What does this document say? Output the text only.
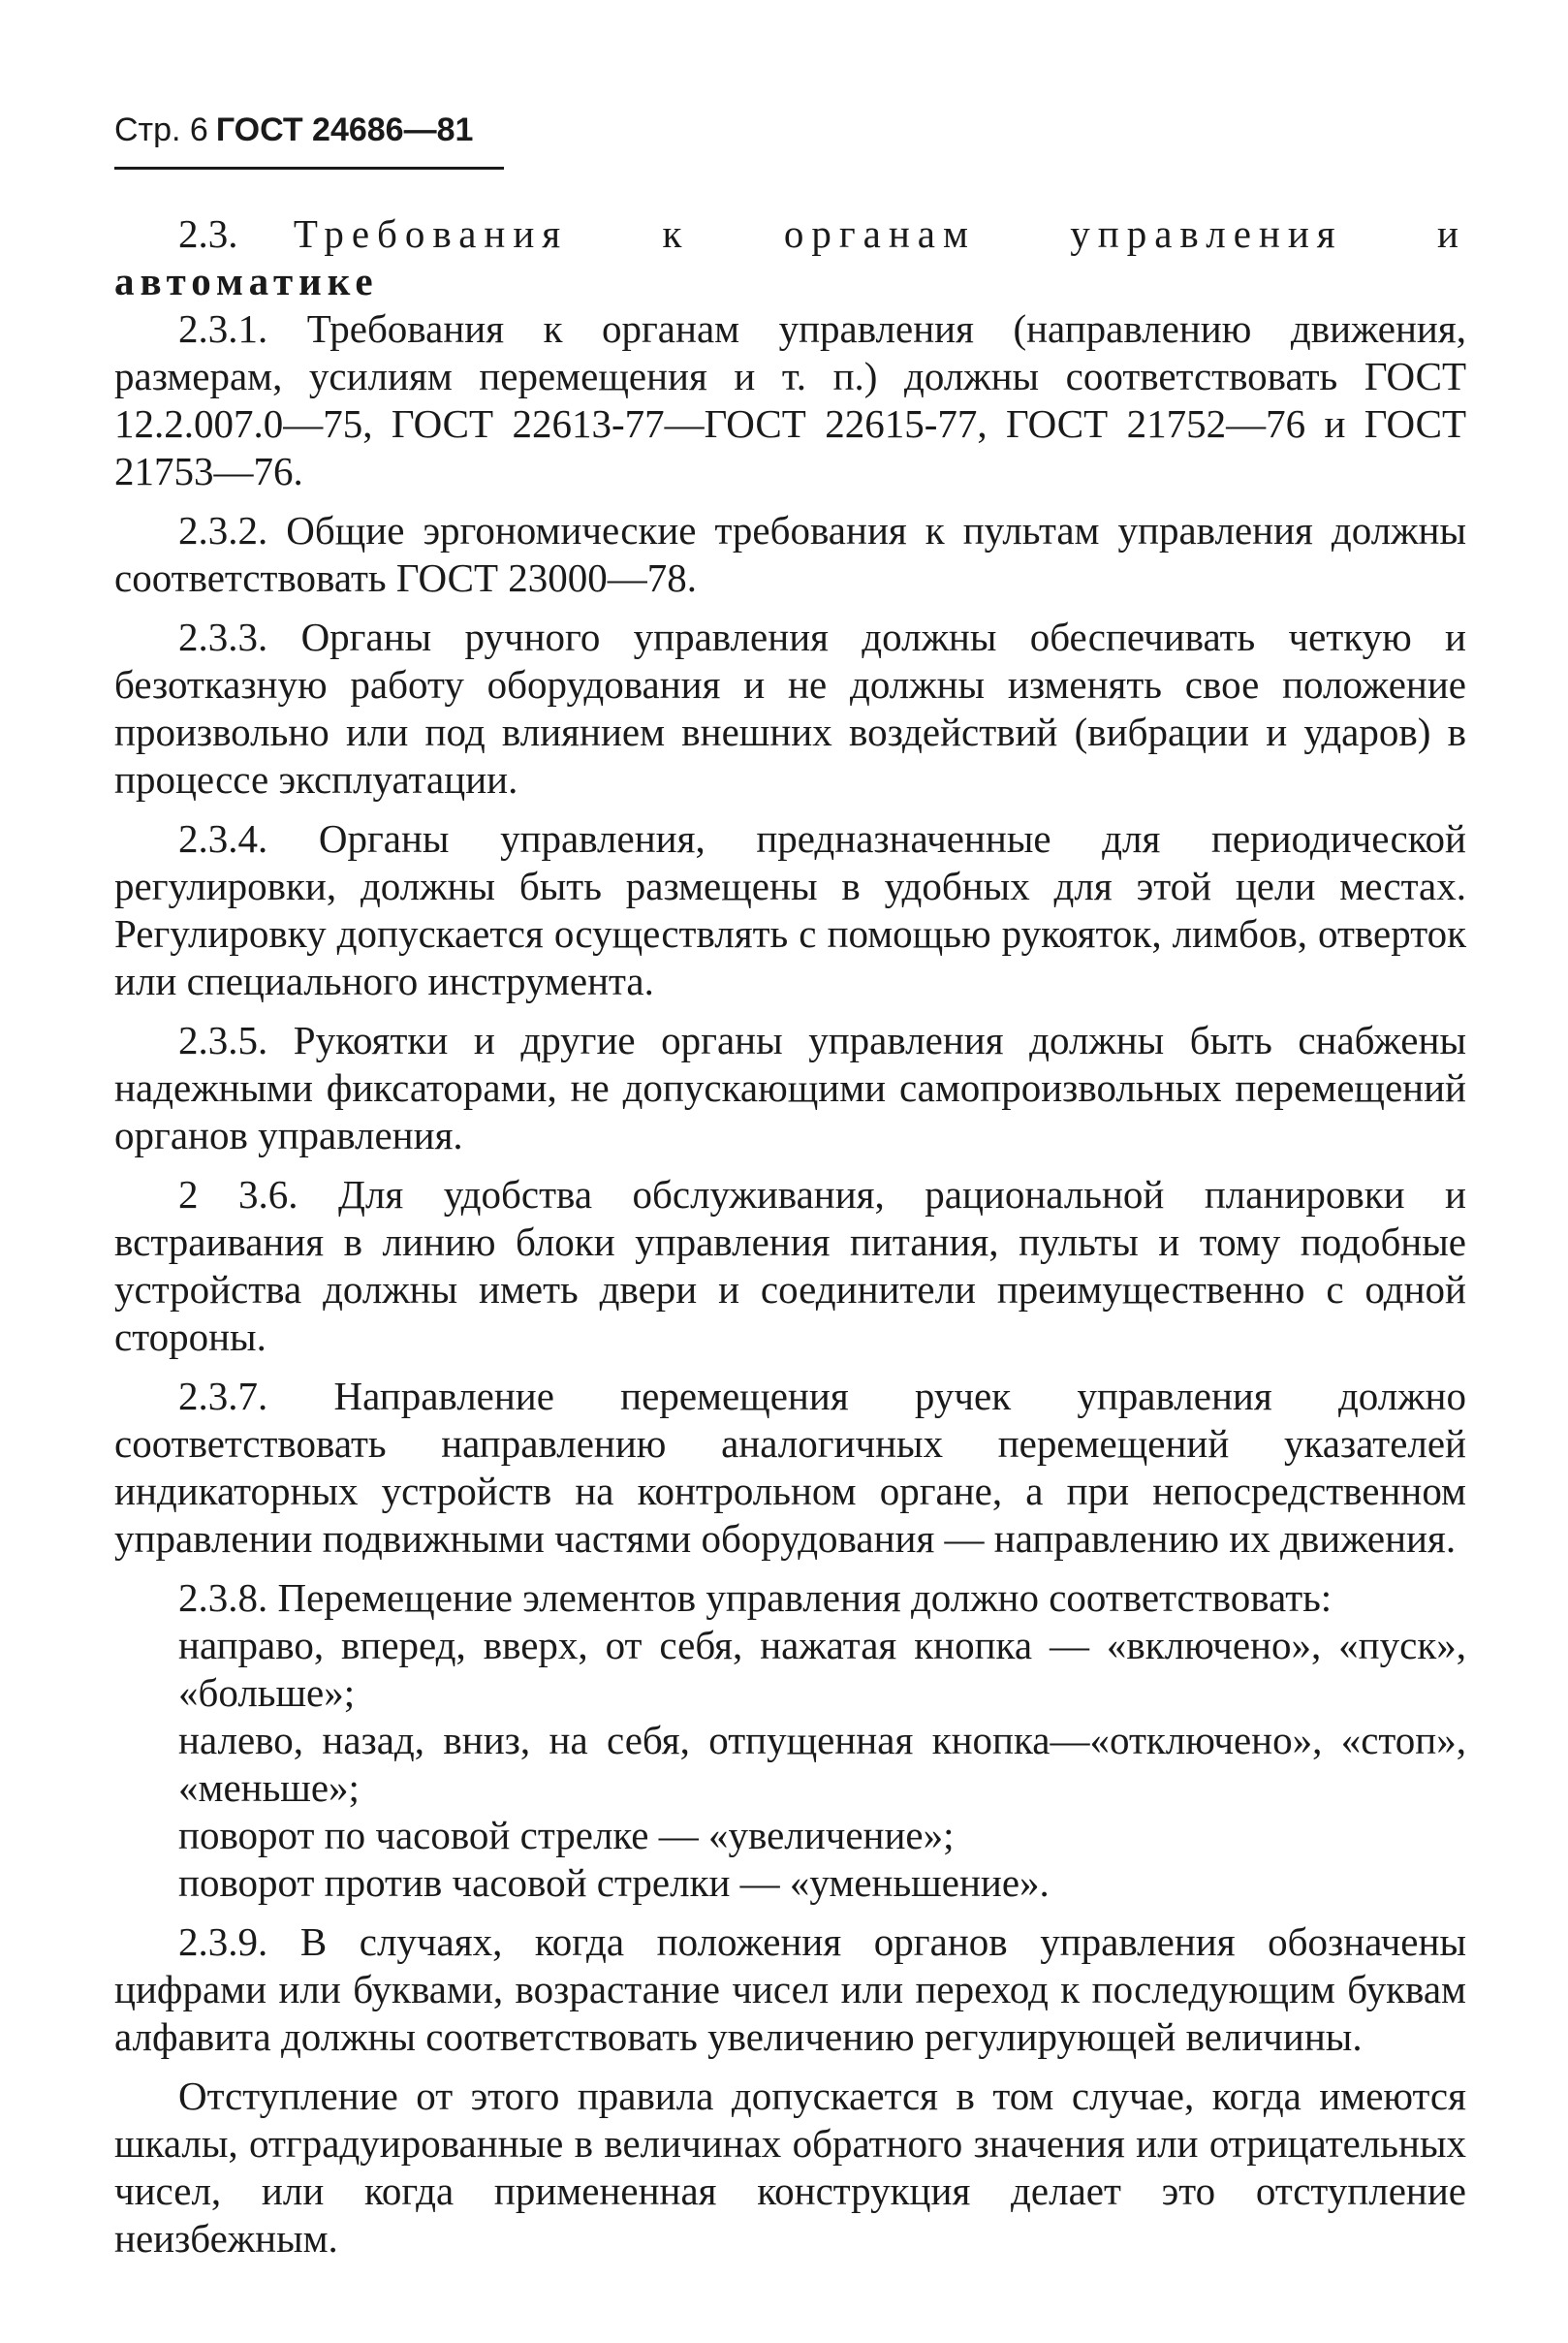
Стр. 6 ГОСТ 24686—81
2.3. Требования к органам управления и

автоматике

2.3.1. Требования к органам управления (направлению движения, размерам, усилиям перемещения и т. п.) должны соответствовать ГОСТ 12.2.007.0—75, ГОСТ 22613-77—ГОСТ 22615-77, ГОСТ 21752—76 и ГОСТ 21753—76.

2.3.2. Общие эргономические требования к пультам управления должны соответствовать ГОСТ 23000—78.

2.3.3. Органы ручного управления должны обеспечивать четкую и безотказную работу оборудования и не должны изменять свое положение произвольно или под влиянием внешних воздействий (вибрации и ударов) в процессе эксплуатации.

2.3.4. Органы управления, предназначенные для периодической регулировки, должны быть размещены в удобных для этой цели местах. Регулировку допускается осуществлять с помощью рукояток, лимбов, отверток или специального инструмента.

2.3.5. Рукоятки и другие органы управления должны быть снабжены надежными фиксаторами, не допускающими самопроизвольных перемещений органов управления.

2 3.6. Для удобства обслуживания, рациональной планировки и встраивания в линию блоки управления питания, пульты и тому подобные устройства должны иметь двери и соединители преимущественно с одной стороны.

2.3.7. Направление перемещения ручек управления должно соответствовать направлению аналогичных перемещений указателей индикаторных устройств на контрольном органе, а при непосредственном управлении подвижными частями оборудования — направлению их движения.

2.3.8. Перемещение элементов управления должно соответствовать:

направо, вперед, вверх, от себя, нажатая кнопка — «включено», «пуск», «больше»;

налево, назад, вниз, на себя, отпущенная кнопка—«отключено», «стоп», «меньше»;

поворот по часовой стрелке — «увеличение»;

поворот против часовой стрелки — «уменьшение».

2.3.9. В случаях, когда положения органов управления обозначены цифрами или буквами, возрастание чисел или переход к последующим буквам алфавита должны соответствовать увеличению регулирующей величины.

Отступление от этого правила допускается в том случае, когда имеются шкалы, отградуированные в величинах обратного значения или отрицательных чисел, или когда примененная конструкция делает это отступление неизбежным.
